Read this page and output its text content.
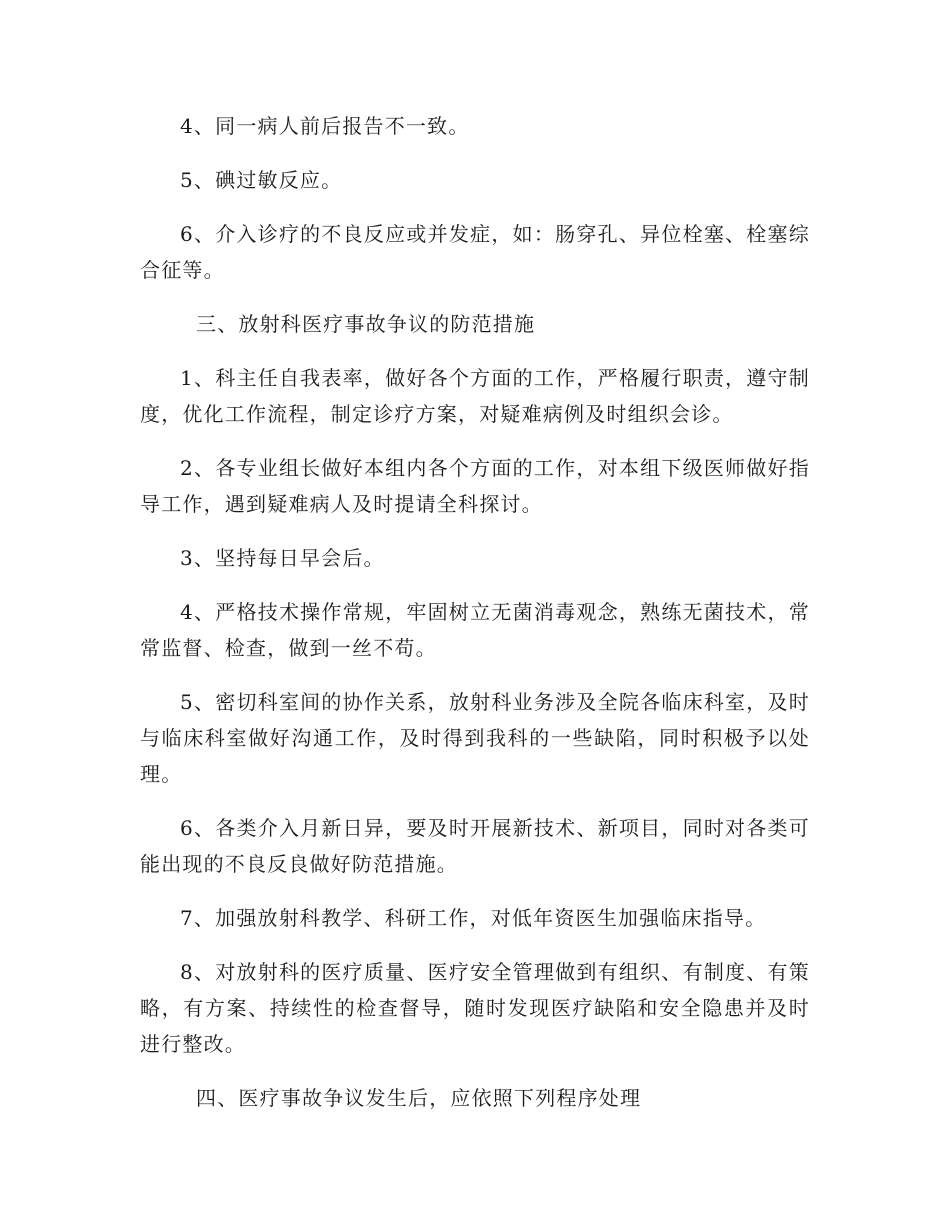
4、同一病人前后报告不一致。

5、碘过敏反应。

6、介入诊疗的不良反应或并发症，如：肠穿孔、异位栓塞、栓塞综合征等。

三、放射科医疗事故争议的防范措施

1、科主任自我表率，做好各个方面的工作，严格履行职责，遵守制度，优化工作流程，制定诊疗方案，对疑难病例及时组织会诊。

2、各专业组长做好本组内各个方面的工作，对本组下级医师做好指导工作，遇到疑难病人及时提请全科探讨。

3、坚持每日早会后。

4、严格技术操作常规，牢固树立无菌消毒观念，熟练无菌技术，常常监督、检查，做到一丝不苟。

5、密切科室间的协作关系，放射科业务涉及全院各临床科室，及时与临床科室做好沟通工作，及时得到我科的一些缺陷，同时积极予以处理。

6、各类介入月新日异，要及时开展新技术、新项目，同时对各类可能出现的不良反良做好防范措施。

7、加强放射科教学、科研工作，对低年资医生加强临床指导。

8、对放射科的医疗质量、医疗安全管理做到有组织、有制度、有策略，有方案、持续性的检查督导，随时发现医疗缺陷和安全隐患并及时进行整改。

四、医疗事故争议发生后，应依照下列程序处理
